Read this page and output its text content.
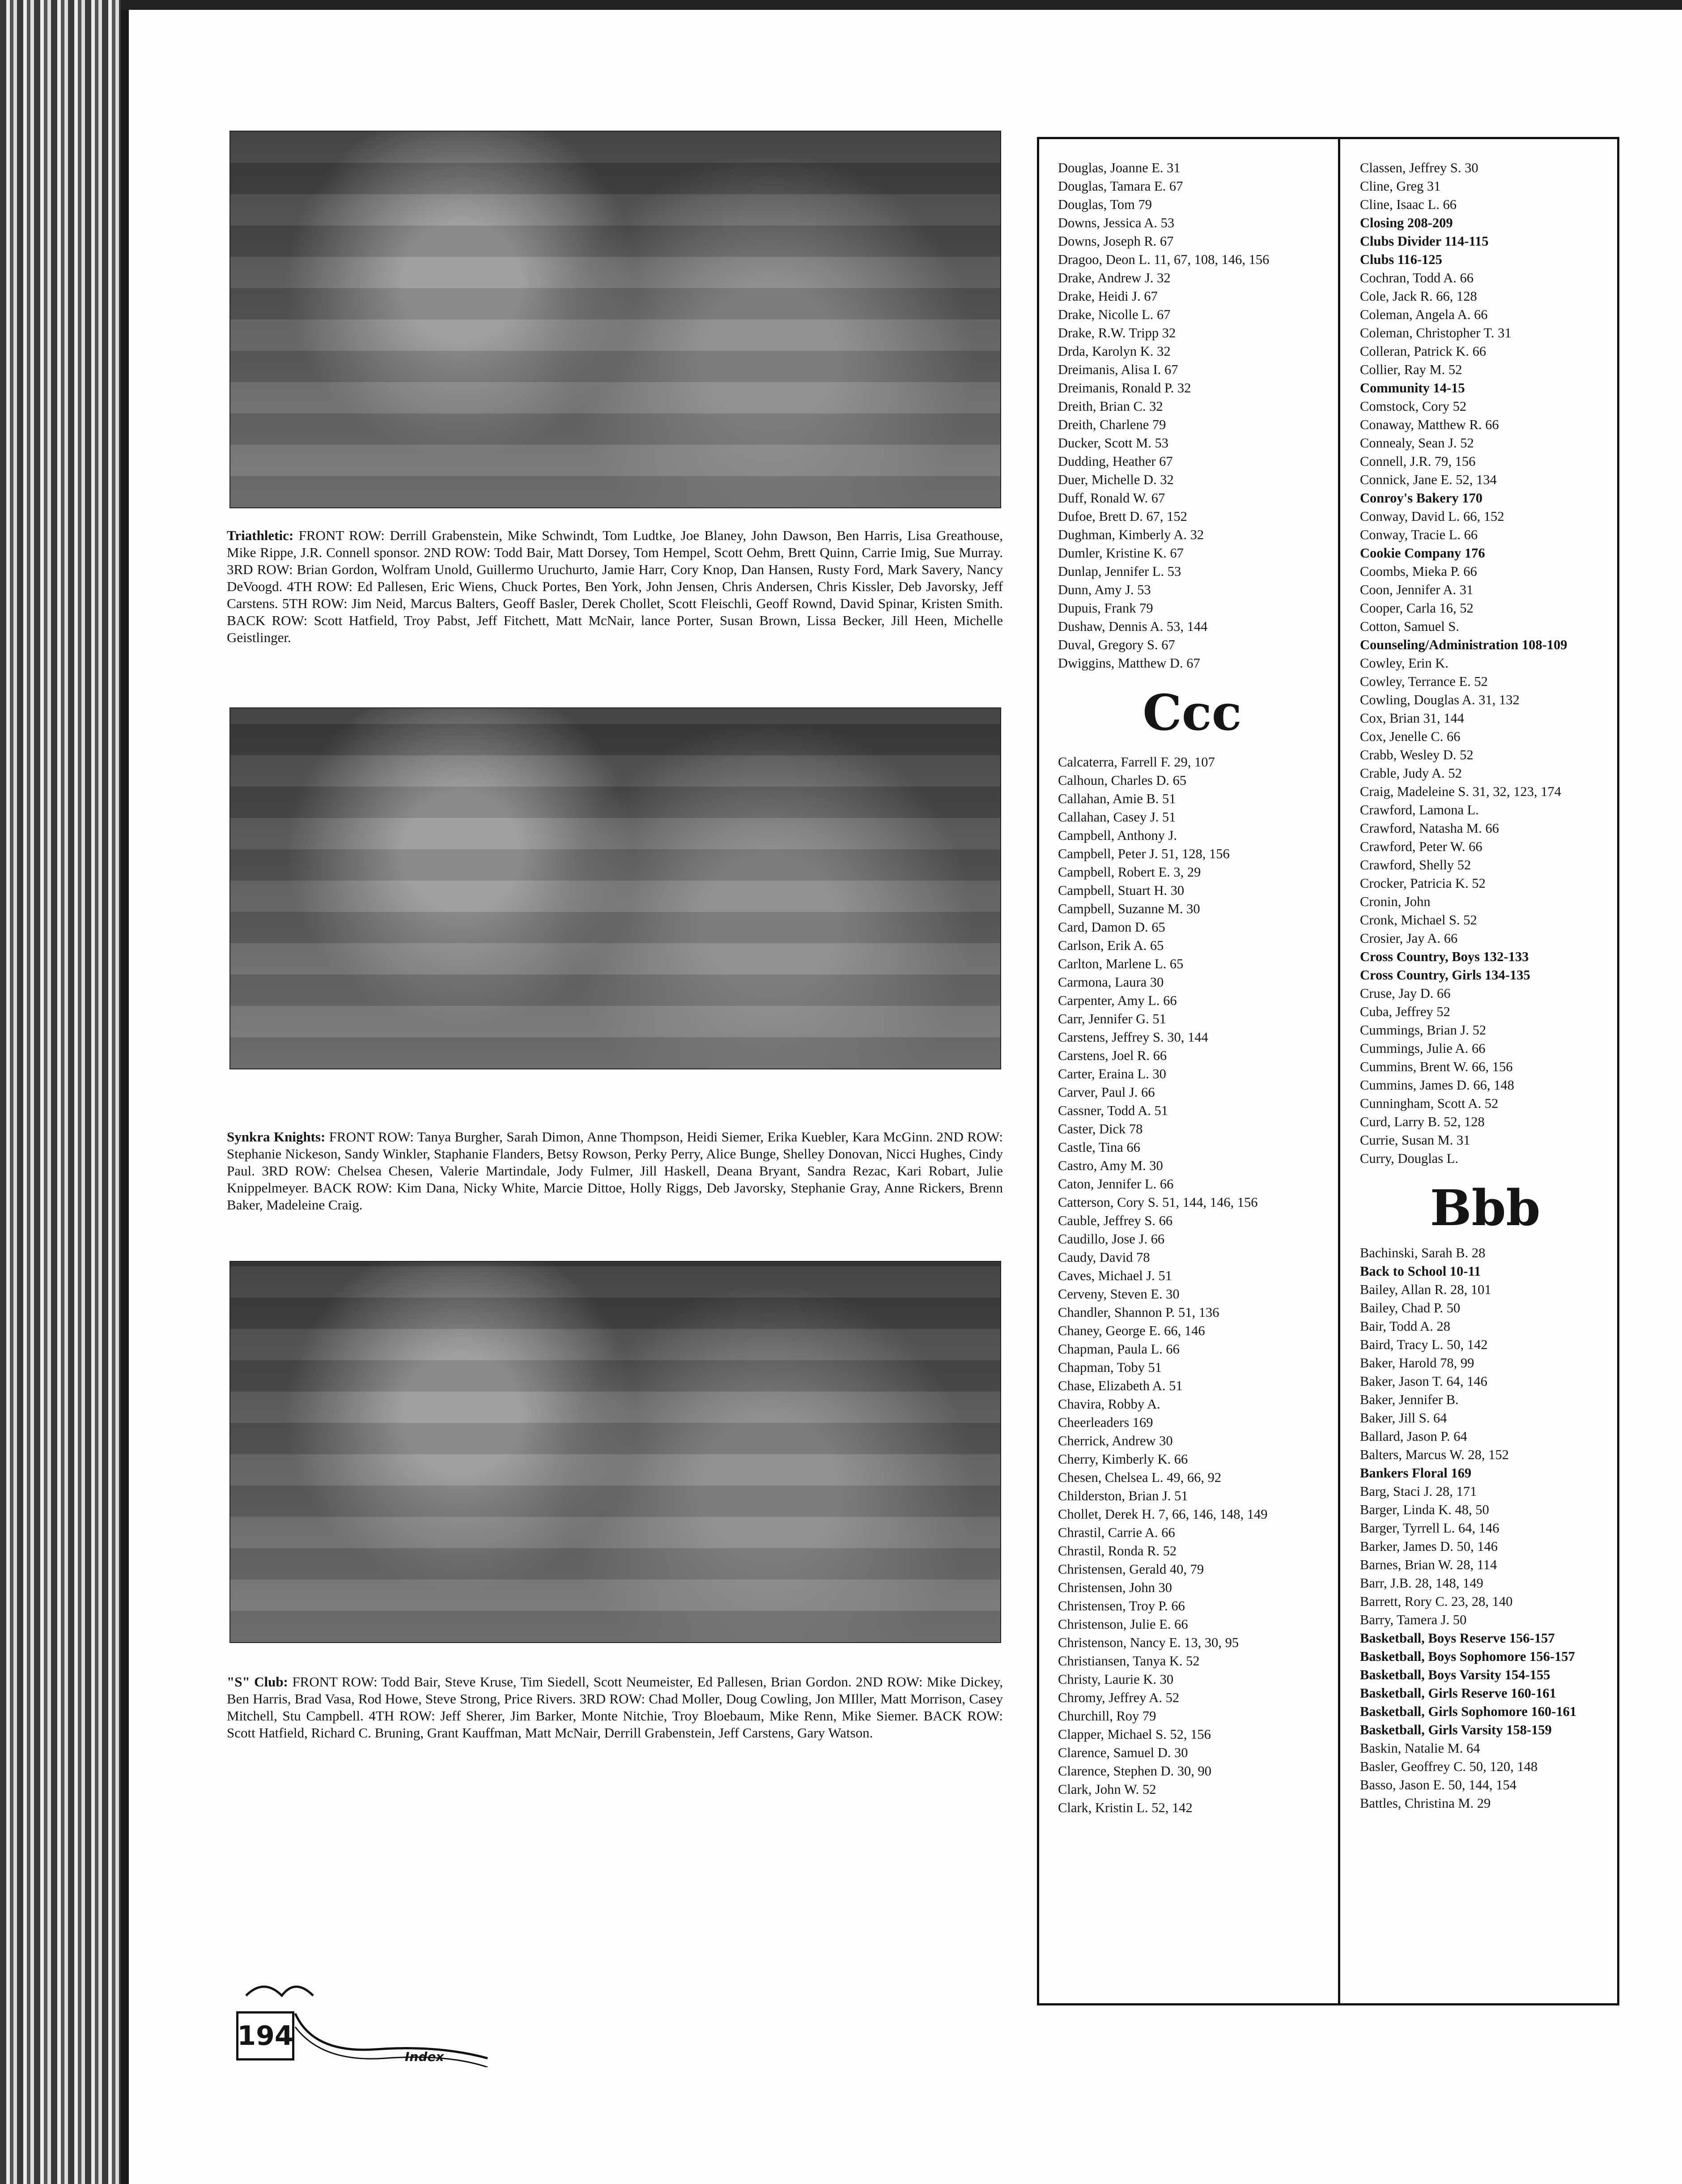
Triathletic: FRONT ROW: Derrill Grabenstein, Mike Schwindt, Tom Ludtke, Joe Blaney, John Dawson, Ben Harris, Lisa Greathouse, Mike Rippe, J.R. Connell sponsor. 2ND ROW: Todd Bair, Matt Dorsey, Tom Hempel, Scott Oehm, Brett Quinn, Carrie Imig, Sue Murray. 3RD ROW: Brian Gordon, Wolfram Unold, Guillermo Uruchurto, Jamie Harr, Cory Knop, Dan Hansen, Rusty Ford, Mark Savery, Nancy DeVoogd. 4TH ROW: Ed Pallesen, Eric Wiens, Chuck Portes, Ben York, John Jensen, Chris Andersen, Chris Kissler, Deb Javorsky, Jeff Carstens. 5TH ROW: Jim Neid, Marcus Balters, Geoff Basler, Derek Chollet, Scott Fleischli, Geoff Rownd, David Spinar, Kristen Smith. BACK ROW: Scott Hatfield, Troy Pabst, Jeff Fitchett, Matt McNair, lance Porter, Susan Brown, Lissa Becker, Jill Heen, Michelle Geistlinger.
Synkra Knights: FRONT ROW: Tanya Burgher, Sarah Dimon, Anne Thompson, Heidi Siemer, Erika Kuebler, Kara McGinn. 2ND ROW: Stephanie Nickeson, Sandy Winkler, Staphanie Flanders, Betsy Rowson, Perky Perry, Alice Bunge, Shelley Donovan, Nicci Hughes, Cindy Paul. 3RD ROW: Chelsea Chesen, Valerie Martindale, Jody Fulmer, Jill Haskell, Deana Bryant, Sandra Rezac, Kari Robart, Julie Knippelmeyer. BACK ROW: Kim Dana, Nicky White, Marcie Dittoe, Holly Riggs, Deb Javorsky, Stephanie Gray, Anne Rickers, Brenn Baker, Madeleine Craig.
"S" Club: FRONT ROW: Todd Bair, Steve Kruse, Tim Siedell, Scott Neumeister, Ed Pallesen, Brian Gordon. 2ND ROW: Mike Dickey, Ben Harris, Brad Vasa, Rod Howe, Steve Strong, Price Rivers. 3RD ROW: Chad Moller, Doug Cowling, Jon MIller, Matt Morrison, Casey Mitchell, Stu Campbell. 4TH ROW: Jeff Sherer, Jim Barker, Monte Nitchie, Troy Bloebaum, Mike Renn, Mike Siemer. BACK ROW: Scott Hatfield, Richard C. Bruning, Grant Kauffman, Matt McNair, Derrill Grabenstein, Jeff Carstens, Gary Watson.
Douglas, Joanne E. 31
Douglas, Tamara E. 67
Douglas, Tom 79
Downs, Jessica A. 53
Downs, Joseph R. 67
Dragoo, Deon L. 11, 67, 108, 146, 156
Drake, Andrew J. 32
Drake, Heidi J. 67
Drake, Nicolle L. 67
Drake, R.W. Tripp 32
Drda, Karolyn K. 32
Dreimanis, Alisa I. 67
Dreimanis, Ronald P. 32
Dreith, Brian C. 32
Dreith, Charlene 79
Ducker, Scott M. 53
Dudding, Heather 67
Duer, Michelle D. 32
Duff, Ronald W. 67
Dufoe, Brett D. 67, 152
Dughman, Kimberly A. 32
Dumler, Kristine K. 67
Dunlap, Jennifer L. 53
Dunn, Amy J. 53
Dupuis, Frank 79
Dushaw, Dennis A. 53, 144
Duval, Gregory S. 67
Dwiggins, Matthew D. 67
Ccc
Calcaterra, Farrell F. 29, 107
Calhoun, Charles D. 65
Callahan, Amie B. 51
Callahan, Casey J. 51
Campbell, Anthony J.
Campbell, Peter J. 51, 128, 156
Campbell, Robert E. 3, 29
Campbell, Stuart H. 30
Campbell, Suzanne M. 30
Card, Damon D. 65
Carlson, Erik A. 65
Carlton, Marlene L. 65
Carmona, Laura 30
Carpenter, Amy L. 66
Carr, Jennifer G. 51
Carstens, Jeffrey S. 30, 144
Carstens, Joel R. 66
Carter, Eraina L. 30
Carver, Paul J. 66
Cassner, Todd A. 51
Caster, Dick 78
Castle, Tina 66
Castro, Amy M. 30
Caton, Jennifer L. 66
Catterson, Cory S. 51, 144, 146, 156
Cauble, Jeffrey S. 66
Caudillo, Jose J. 66
Caudy, David 78
Caves, Michael J. 51
Cerveny, Steven E. 30
Chandler, Shannon P. 51, 136
Chaney, George E. 66, 146
Chapman, Paula L. 66
Chapman, Toby 51
Chase, Elizabeth A. 51
Chavira, Robby A.
Cheerleaders 169
Cherrick, Andrew 30
Cherry, Kimberly K. 66
Chesen, Chelsea L. 49, 66, 92
Childerston, Brian J. 51
Chollet, Derek H. 7, 66, 146, 148, 149
Chrastil, Carrie A. 66
Chrastil, Ronda R. 52
Christensen, Gerald 40, 79
Christensen, John 30
Christensen, Troy P. 66
Christenson, Julie E. 66
Christenson, Nancy E. 13, 30, 95
Christiansen, Tanya K. 52
Christy, Laurie K. 30
Chromy, Jeffrey A. 52
Churchill, Roy 79
Clapper, Michael S. 52, 156
Clarence, Samuel D. 30
Clarence, Stephen D. 30, 90
Clark, John W. 52
Clark, Kristin L. 52, 142
Classen, Jeffrey S. 30
Cline, Greg 31
Cline, Isaac L. 66
Closing 208-209
Clubs Divider 114-115
Clubs 116-125
Cochran, Todd A. 66
Cole, Jack R. 66, 128
Coleman, Angela A. 66
Coleman, Christopher T. 31
Colleran, Patrick K. 66
Collier, Ray M. 52
Community 14-15
Comstock, Cory 52
Conaway, Matthew R. 66
Connealy, Sean J. 52
Connell, J.R. 79, 156
Connick, Jane E. 52, 134
Conroy's Bakery 170
Conway, David L. 66, 152
Conway, Tracie L. 66
Cookie Company 176
Coombs, Mieka P. 66
Coon, Jennifer A. 31
Cooper, Carla 16, 52
Cotton, Samuel S.
Counseling/Administration 108-109
Cowley, Erin K.
Cowley, Terrance E. 52
Cowling, Douglas A. 31, 132
Cox, Brian 31, 144
Cox, Jenelle C. 66
Crabb, Wesley D. 52
Crable, Judy A. 52
Craig, Madeleine S. 31, 32, 123, 174
Crawford, Lamona L.
Crawford, Natasha M. 66
Crawford, Peter W. 66
Crawford, Shelly 52
Crocker, Patricia K. 52
Cronin, John
Cronk, Michael S. 52
Crosier, Jay A. 66
Cross Country, Boys 132-133
Cross Country, Girls 134-135
Cruse, Jay D. 66
Cuba, Jeffrey 52
Cummings, Brian J. 52
Cummings, Julie A. 66
Cummins, Brent W. 66, 156
Cummins, James D. 66, 148
Cunningham, Scott A. 52
Curd, Larry B. 52, 128
Currie, Susan M. 31
Curry, Douglas L.
Bbb
Bachinski, Sarah B. 28
Back to School 10-11
Bailey, Allan R. 28, 101
Bailey, Chad P. 50
Bair, Todd A. 28
Baird, Tracy L. 50, 142
Baker, Harold 78, 99
Baker, Jason T. 64, 146
Baker, Jennifer B.
Baker, Jill S. 64
Ballard, Jason P. 64
Balters, Marcus W. 28, 152
Bankers Floral 169
Barg, Staci J. 28, 171
Barger, Linda K. 48, 50
Barger, Tyrrell L. 64, 146
Barker, James D. 50, 146
Barnes, Brian W. 28, 114
Barr, J.B. 28, 148, 149
Barrett, Rory C. 23, 28, 140
Barry, Tamera J. 50
Basketball, Boys Reserve 156-157
Basketball, Boys Sophomore 156-157
Basketball, Boys Varsity 154-155
Basketball, Girls Reserve 160-161
Basketball, Girls Sophomore 160-161
Basketball, Girls Varsity 158-159
Baskin, Natalie M. 64
Basler, Geoffrey C. 50, 120, 148
Basso, Jason E. 50, 144, 154
Battles, Christina M. 29
194
Index
